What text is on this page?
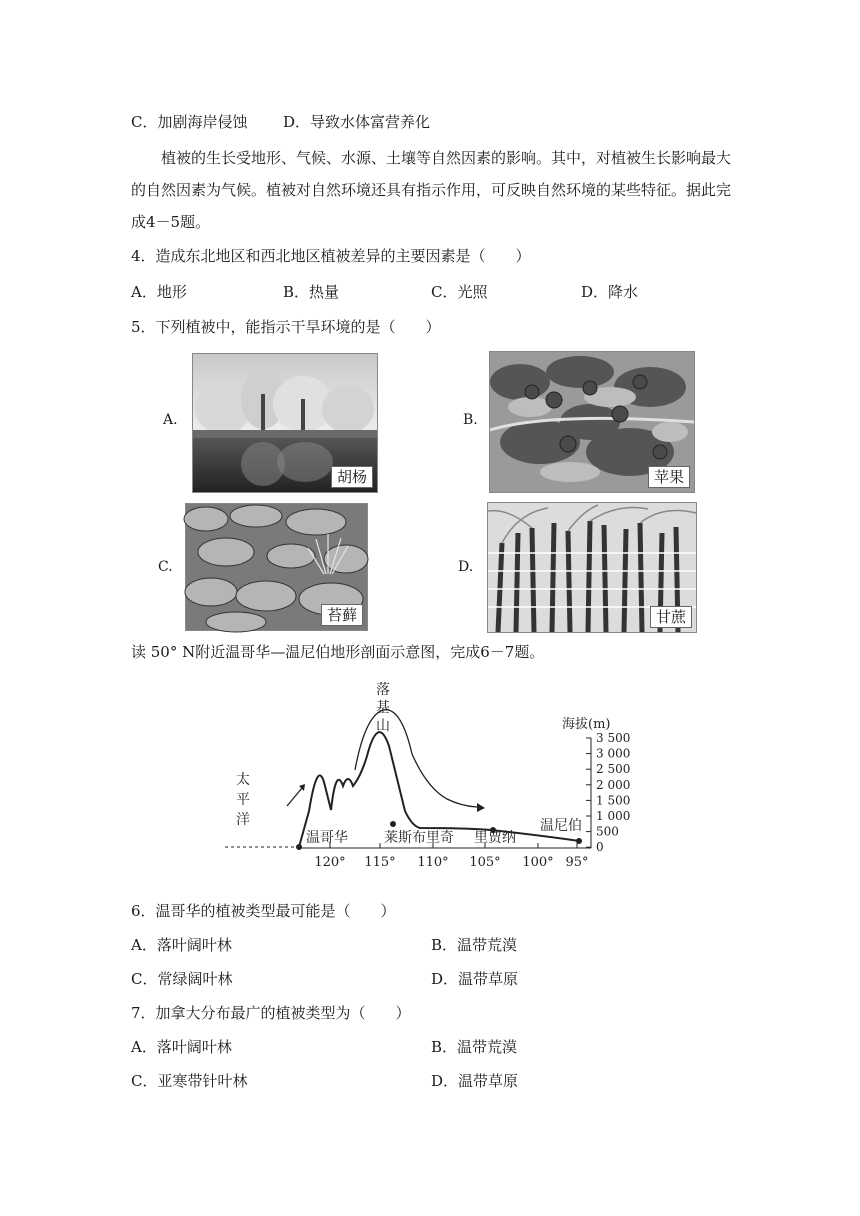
C．加剧海岸侵蚀 D．导致水体富营养化
植被的生长受地形、气候、水源、土壤等自然因素的影响。其中，对植被生长影响最大的自然因素为气候。植被对自然环境还具有指示作用，可反映自然环境的某些特征。据此完成4－5题。
4．造成东北地区和西北地区植被差异的主要因素是（　　）
A．地形	B．热量	C．光照	D．降水
5．下列植被中，能指示干旱环境的是（　　）
A.
胡杨
B.
苹果
C.
苔藓
D.
甘蔗
读 50° N附近温哥华—温尼伯地形剖面示意图，完成6－7题。
3 500
3 000
2 500
2 000
1 500
1 000
500
0
120° 115° 110° 105° 100° 95°
海拔(m)
太
平
洋
落
基
山
温哥华	莱斯布里奇 里贾纳
温尼伯
6．温哥华的植被类型最可能是（　　）
A．落叶阔叶林	B．温带荒漠
C．常绿阔叶林	D．温带草原
7．加拿大分布最广的植被类型为（　　）
A．落叶阔叶林	B．温带荒漠
C．亚寒带针叶林	D．温带草原
